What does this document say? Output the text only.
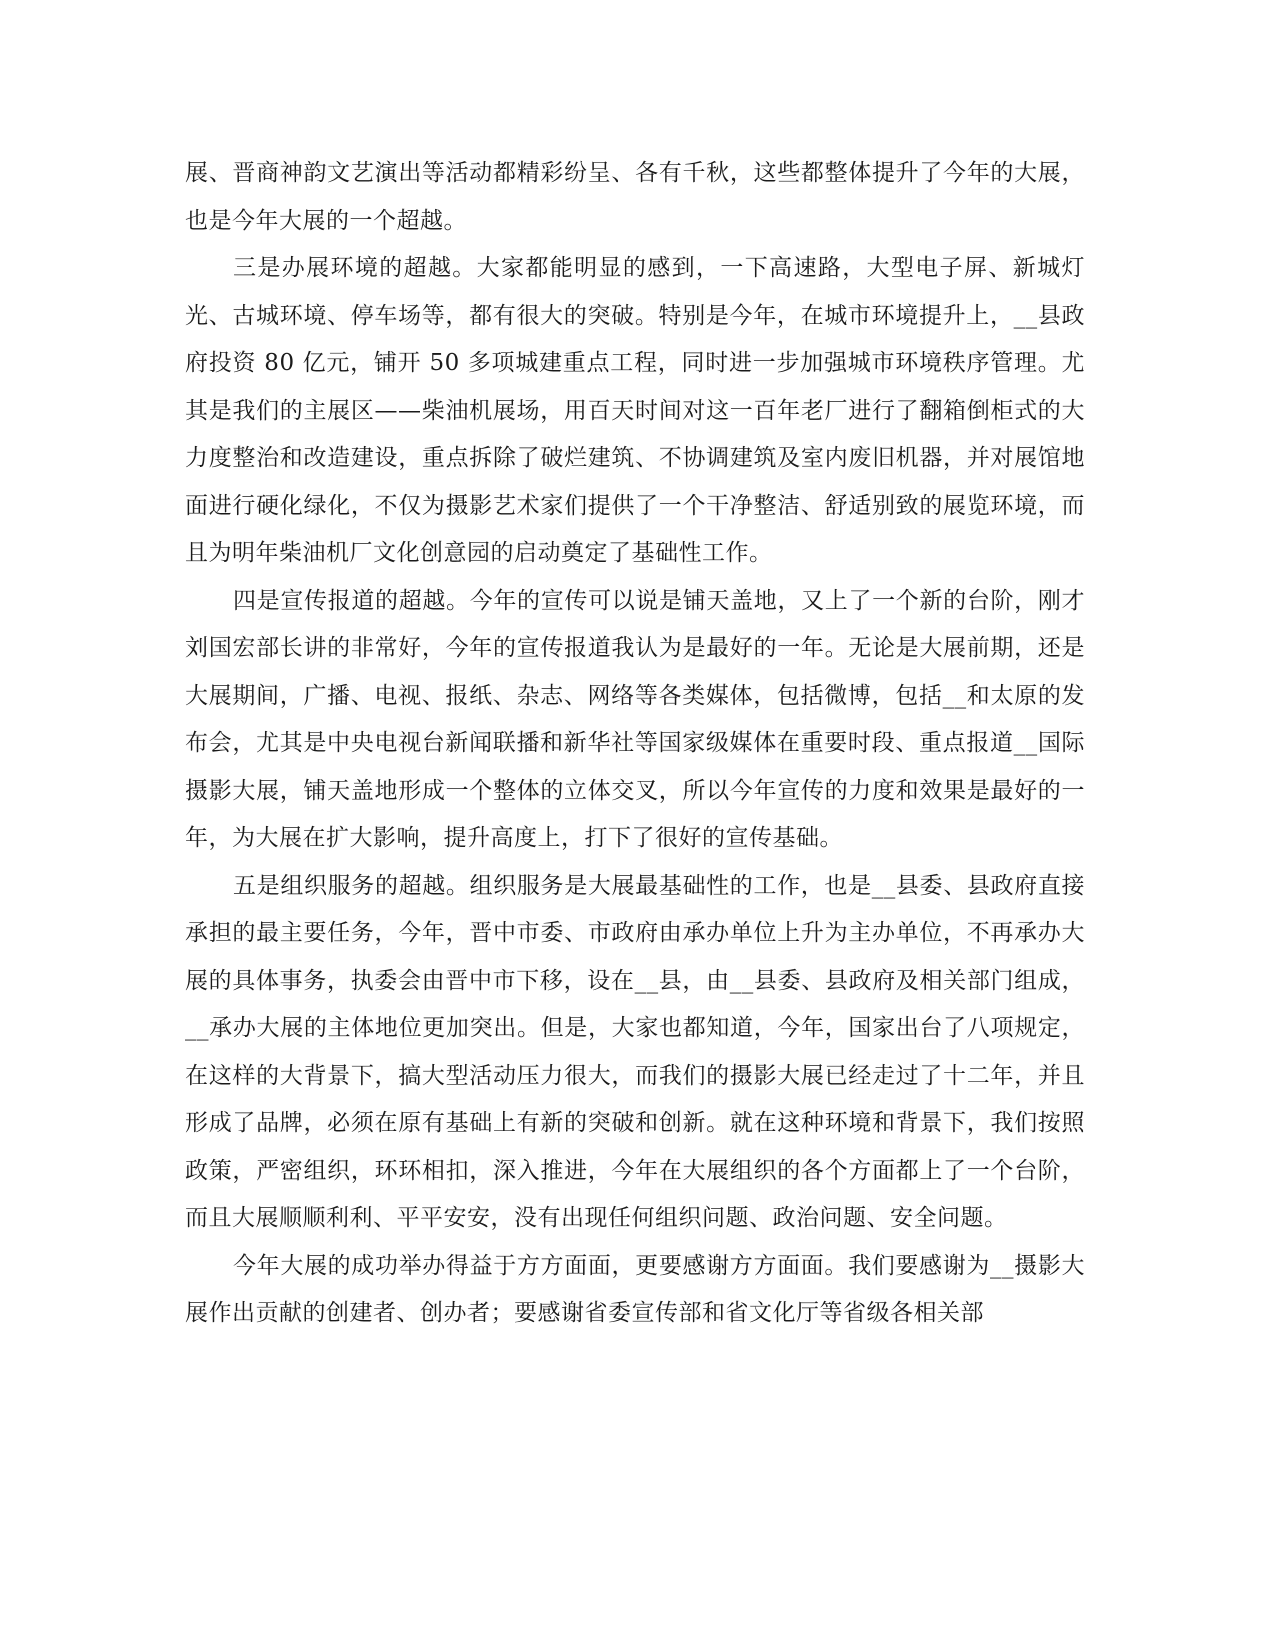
展、晋商神韵文艺演出等活动都精彩纷呈、各有千秋，这些都整体提升了今年的大展，也是今年大展的一个超越。

三是办展环境的超越。大家都能明显的感到，一下高速路，大型电子屏、新城灯光、古城环境、停车场等，都有很大的突破。特别是今年，在城市环境提升上，__县政府投资 80 亿元，铺开 50 多项城建重点工程，同时进一步加强城市环境秩序管理。尤其是我们的主展区——柴油机展场，用百天时间对这一百年老厂进行了翻箱倒柜式的大力度整治和改造建设，重点拆除了破烂建筑、不协调建筑及室内废旧机器，并对展馆地面进行硬化绿化，不仅为摄影艺术家们提供了一个干净整洁、舒适别致的展览环境，而且为明年柴油机厂文化创意园的启动奠定了基础性工作。

四是宣传报道的超越。今年的宣传可以说是铺天盖地，又上了一个新的台阶，刚才刘国宏部长讲的非常好，今年的宣传报道我认为是最好的一年。无论是大展前期，还是大展期间，广播、电视、报纸、杂志、网络等各类媒体，包括微博，包括__和太原的发布会，尤其是中央电视台新闻联播和新华社等国家级媒体在重要时段、重点报道__国际摄影大展，铺天盖地形成一个整体的立体交叉，所以今年宣传的力度和效果是最好的一年，为大展在扩大影响，提升高度上，打下了很好的宣传基础。

五是组织服务的超越。组织服务是大展最基础性的工作，也是__县委、县政府直接承担的最主要任务，今年，晋中市委、市政府由承办单位上升为主办单位，不再承办大展的具体事务，执委会由晋中市下移，设在__县，由__县委、县政府及相关部门组成，__承办大展的主体地位更加突出。但是，大家也都知道，今年，国家出台了八项规定，在这样的大背景下，搞大型活动压力很大，而我们的摄影大展已经走过了十二年，并且形成了品牌，必须在原有基础上有新的突破和创新。就在这种环境和背景下，我们按照政策，严密组织，环环相扣，深入推进，今年在大展组织的各个方面都上了一个台阶，而且大展顺顺利利、平平安安，没有出现任何组织问题、政治问题、安全问题。

今年大展的成功举办得益于方方面面，更要感谢方方面面。我们要感谢为__摄影大展作出贡献的创建者、创办者；要感谢省委宣传部和省文化厅等省级各相关部
